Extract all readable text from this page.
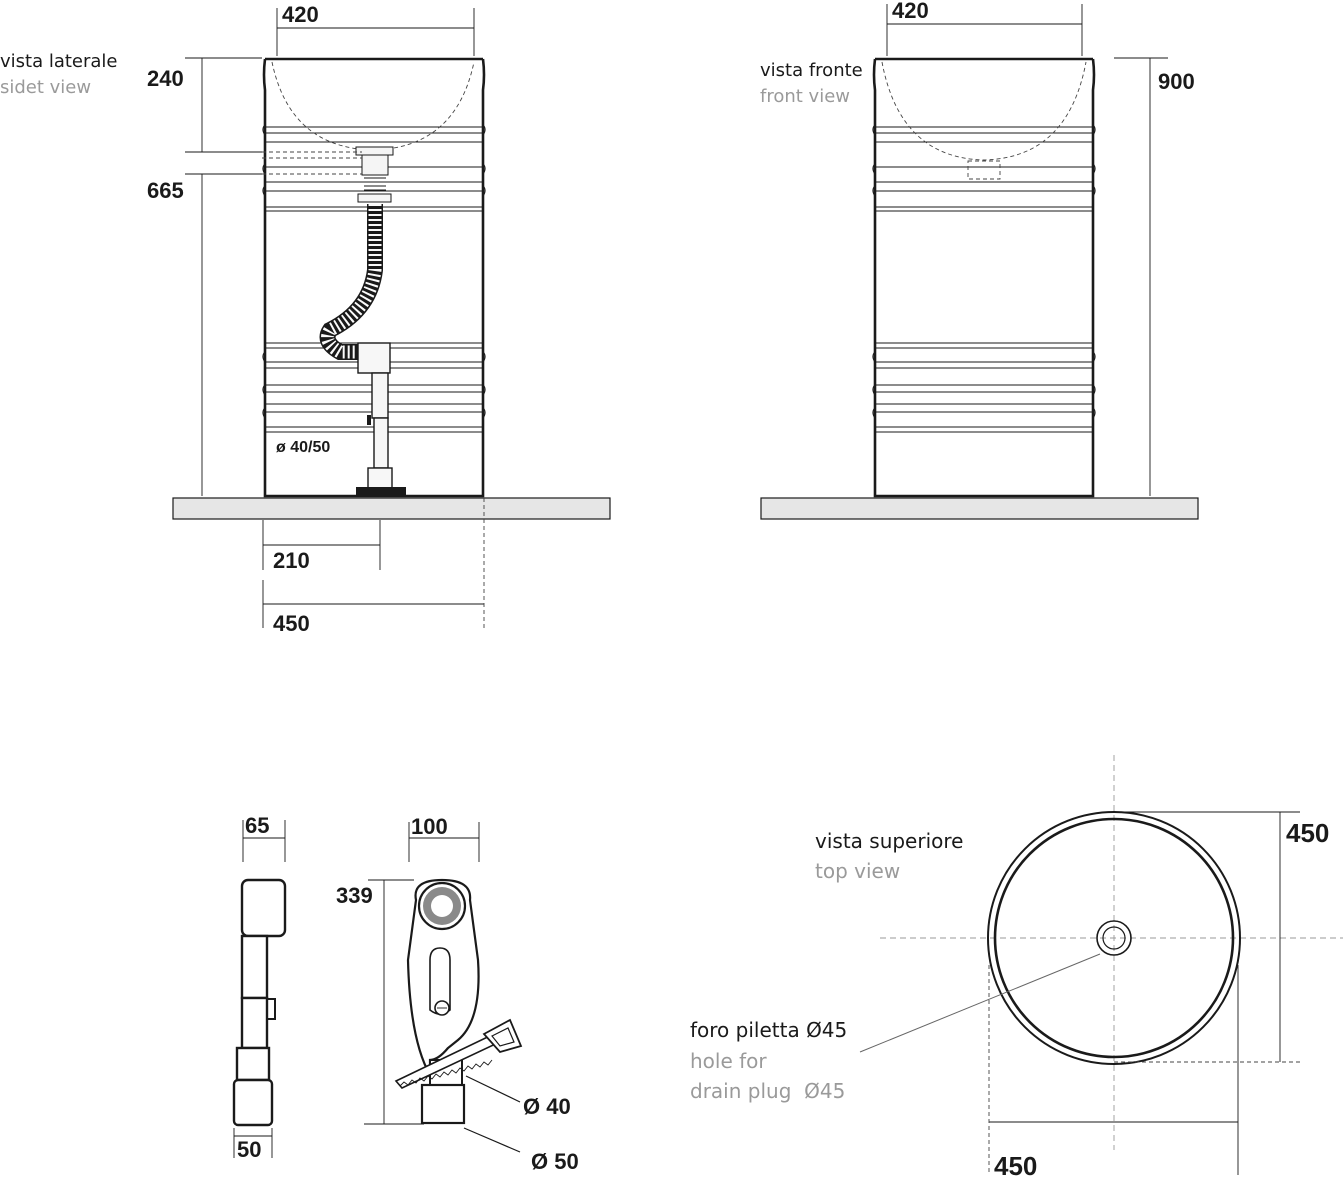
ø 40/50
420
240
665
210
450
vista laterale
sidet view
420
900
vista fronte
front view
65
50
100
339
Ø 40
Ø 50
450
450
vista superiore
top view
foro piletta Ø45
hole for
drain plug  Ø45
